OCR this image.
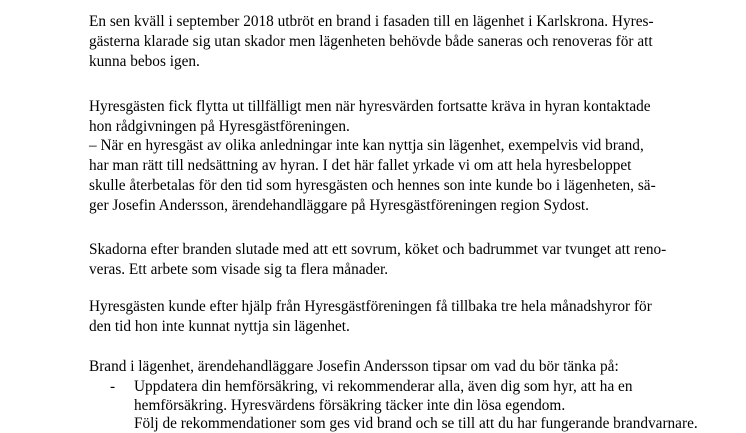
En sen kväll i september 2018 utbröt en brand i fasaden till en lägenhet i Karlskrona. Hyres-

gästerna klarade sig utan skador men lägenheten behövde både saneras och renoveras för att

kunna bebos igen.

Hyresgästen fick flytta ut tillfälligt men när hyresvärden fortsatte kräva in hyran kontaktade

hon rådgivningen på Hyresgästföreningen.

– När en hyresgäst av olika anledningar inte kan nyttja sin lägenhet, exempelvis vid brand,

har man rätt till nedsättning av hyran. I det här fallet yrkade vi om att hela hyresbeloppet

skulle återbetalas för den tid som hyresgästen och hennes son inte kunde bo i lägenheten, sä-

ger Josefin Andersson, ärendehandläggare på Hyresgästföreningen region Sydost.

Skadorna efter branden slutade med att ett sovrum, köket och badrummet var tvunget att reno-

veras. Ett arbete som visade sig ta flera månader.

Hyresgästen kunde efter hjälp från Hyresgästföreningen få tillbaka tre hela månadshyror för

den tid hon inte kunnat nyttja sin lägenhet.

Brand i lägenhet, ärendehandläggare Josefin Andersson tipsar om vad du bör tänka på:

- Uppdatera din hemförsäkring, vi rekommenderar alla, även dig som hyr, att ha en

hemförsäkring. Hyresvärdens försäkring täcker inte din lösa egendom.

Följ de rekommendationer som ges vid brand och se till att du har fungerande brandvarnare.
